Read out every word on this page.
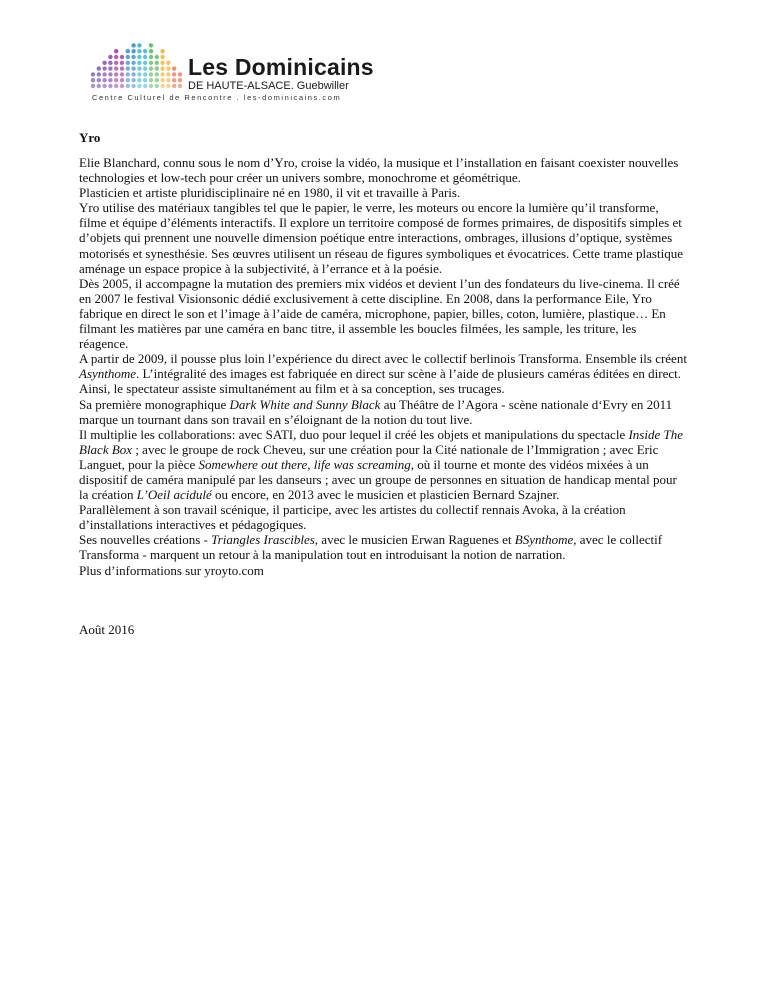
Les Dominicains
DE HAUTE-ALSACE. Guebwiller
Centre Culturel de Rencontre . les-dominicains.com
Yro

Elie Blanchard, connu sous le nom d’Yro, croise la vidéo, la musique et l’installation en faisant coexister nouvelles technologies et low-tech pour créer un univers sombre, monochrome et géométrique.

Plasticien et artiste pluridisciplinaire né en 1980, il vit et travaille à Paris.

Yro utilise des matériaux tangibles tel que le papier, le verre, les moteurs ou encore la lumière qu’il transforme, filme et équipe d’éléments interactifs. Il explore un territoire composé de formes primaires, de dispositifs simples et d’objets qui prennent une nouvelle dimension poétique entre interactions, ombrages, illusions d’optique, systèmes motorisés et synesthésie. Ses œuvres utilisent un réseau de figures symboliques et évocatrices. Cette trame plastique aménage un espace propice à la subjectivité, à l’errance et à la poésie.

Dès 2005, il accompagne la mutation des premiers mix vidéos et devient l’un des fondateurs du live-cinema. Il créé en 2007 le festival Visionsonic dédié exclusivement à cette discipline. En 2008, dans la performance Eile, Yro fabrique en direct le son et l’image à l’aide de caméra, microphone, papier, billes, coton, lumière, plastique… En filmant les matières par une caméra en banc titre, il assemble les boucles filmées, les sample, les triture, les réagence.

A partir de 2009, il pousse plus loin l’expérience du direct avec le collectif berlinois Transforma. Ensemble ils créent Asynthome. L’intégralité des images est fabriquée en direct sur scène à l’aide de plusieurs caméras éditées en direct. Ainsi, le spectateur assiste simultanément au film et à sa conception, ses trucages.

Sa première monographique Dark White and Sunny Black au Théâtre de l’Agora - scène nationale d‘Evry en 2011 marque un tournant dans son travail en s’éloignant de la notion du tout live.

Il multiplie les collaborations: avec SATI, duo pour lequel il créé les objets et manipulations du spectacle Inside The Black Box ; avec le groupe de rock Cheveu, sur une création pour la Cité nationale de l’Immigration ; avec Eric Languet, pour la pièce Somewhere out there, life was screaming, où il tourne et monte des vidéos mixées à un dispositif de caméra manipulé par les danseurs ; avec un groupe de personnes en situation de handicap mental pour la création L’Oeil acidulé ou encore, en 2013 avec le musicien et plasticien Bernard Szajner.

Parallèlement à son travail scénique, il participe, avec les artistes du collectif rennais Avoka, à la création d’installations interactives et pédagogiques.

Ses nouvelles créations - Triangles Irascibles, avec le musicien Erwan Raguenes et BSynthome, avec le collectif Transforma - marquent un retour à la manipulation tout en introduisant la notion de narration.

Plus d’informations sur yroyto.com

Août 2016
